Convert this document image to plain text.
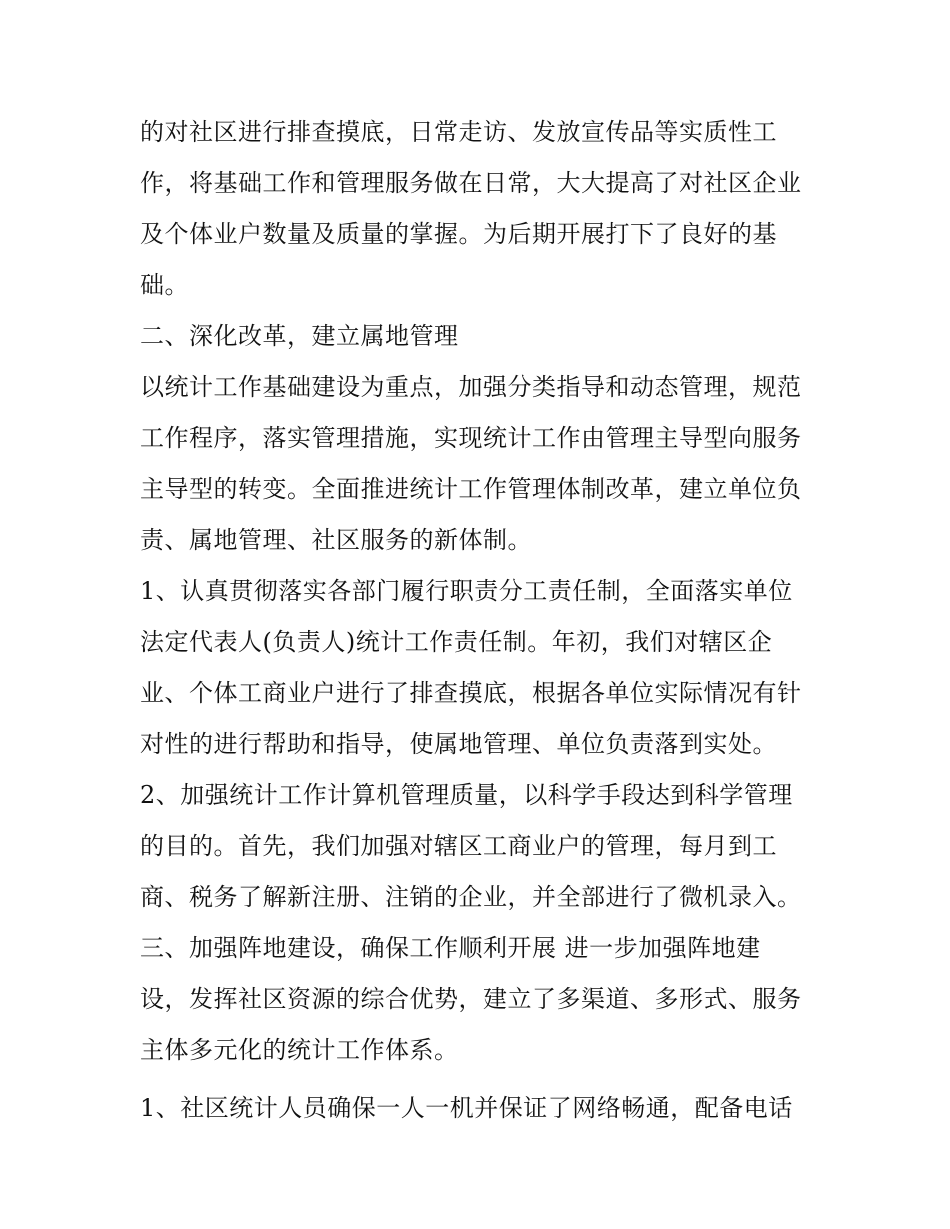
的对社区进行排查摸底，日常走访、发放宣传品等实质性工
作，将基础工作和管理服务做在日常，大大提高了对社区企业
及个体业户数量及质量的掌握。为后期开展打下了良好的基
础。
二、深化改革，建立属地管理
以统计工作基础建设为重点，加强分类指导和动态管理，规范
工作程序，落实管理措施，实现统计工作由管理主导型向服务
主导型的转变。全面推进统计工作管理体制改革，建立单位负
责、属地管理、社区服务的新体制。
1、认真贯彻落实各部门履行职责分工责任制，全面落实单位
法定代表人(负责人)统计工作责任制。年初，我们对辖区企
业、个体工商业户进行了排查摸底，根据各单位实际情况有针
对性的进行帮助和指导，使属地管理、单位负责落到实处。
2、加强统计工作计算机管理质量，以科学手段达到科学管理
的目的。首先，我们加强对辖区工商业户的管理，每月到工
商、税务了解新注册、注销的企业，并全部进行了微机录入。
三、加强阵地建设，确保工作顺利开展 进一步加强阵地建
设，发挥社区资源的综合优势，建立了多渠道、多形式、服务
主体多元化的统计工作体系。
1、社区统计人员确保一人一机并保证了网络畅通，配备电话
